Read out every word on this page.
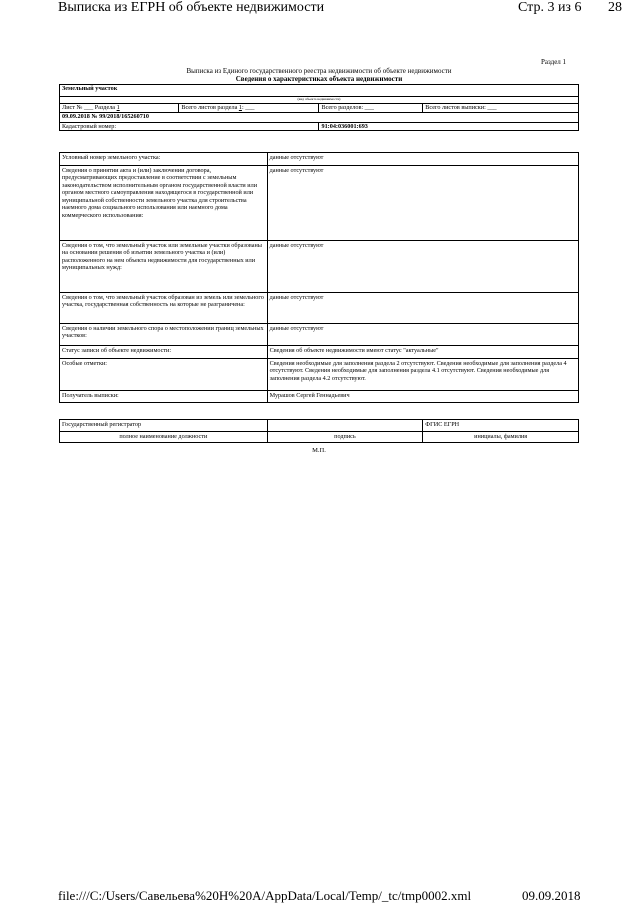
Выписка из ЕГРН об объекте недвижимости	Стр. 3 из 6 28
Раздел 1
Выписка из Единого государственного реестра недвижимости об объекте недвижимости
Сведения о характеристиках объекта недвижимости
Земельный участок			
(вид объекта недвижимости)			
Лист № ___ Раздела 1	Всего листов раздела 1: ___	Всего разделов: ___	Всего листов выписки: ___
09.09.2018 № 99/2018/165260710			
Кадастровый номер:		91:04:036001:693	
Условный номер земельного участка:	данные отсутствуют
Сведения о принятии акта и (или) заключении договора, предусматривающих предоставление в соответствии с земельным законодательством исполнительным органом государственной власти или органом местного самоуправления находящегося в государственной или муниципальной собственности земельного участка для строительства наемного дома социального использования или наемного дома коммерческого использования:	данные отсутствуют
Сведения о том, что земельный участок или земельные участки образованы на основании решения об изъятии земельного участка и (или) расположенного на нем объекта недвижимости для государственных или муниципальных нужд:	данные отсутствуют
Сведения о том, что земельный участок образован из земель или земельного участка, государственная собственность на которые не разграничена:	данные отсутствуют
Сведения о наличии земельного спора о местоположении границ земельных участков:	данные отсутствуют
Статус записи об объекте недвижимости:	Сведения об объекте недвижимости имеют статус "актуальные"
Особые отметки:	Сведения необходимые для заполнения раздела 2 отсутствуют. Сведения необходимые для заполнения раздела 4 отсутствуют. Сведения необходимые для заполнения раздела 4.1 отсутствуют. Сведения необходимые для заполнения раздела 4.2 отсутствуют.
Получатель выписки:	Мурашов Сергей Геннадьевич
Государственный регистратор		ФГИС ЕГРН
полное наименование должности	подпись	инициалы, фамилия
М.П.
file:///C:/Users/Савельева%20Н%20А/AppData/Local/Temp/_tc/tmp0002.xml	09.09.2018
